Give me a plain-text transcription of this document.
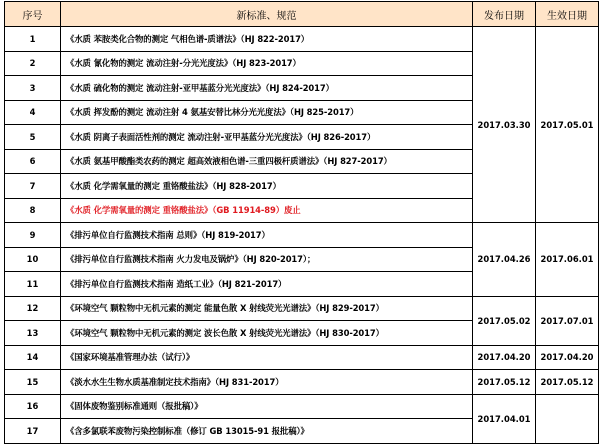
序号	新标准、规范	发布日期	生效日期
1	《水质 苯胺类化合物的测定 气相色谱-质谱法》（HJ 822-2017）	2017.03.30	2017.05.01
2	《水质 氰化物的测定 流动注射-分光光度法》（HJ 823-2017）		
3	《水质 硫化物的测定 流动注射-亚甲基蓝分光光度法》（HJ 824-2017）		
4	《水质 挥发酚的测定 流动注射 4 氨基安替比林分光光度法》（HJ 825-2017）		
5	《水质 阴离子表面活性剂的测定 流动注射-亚甲基蓝分光光度法》（HJ 826-2017）		
6	《水质 氨基甲酸酯类农药的测定 超高效液相色谱-三重四极杆质谱法》（HJ 827-2017）		
7	《水质 化学需氧量的测定 重铬酸盐法》（HJ 828-2017）		
8	《水质 化学需氧量的测定 重铬酸盐法》（GB 11914-89）废止		
9	《排污单位自行监测技术指南 总则》（HJ 819-2017）	2017.04.26	2017.06.01
10	《排污单位自行监测技术指南 火力发电及锅炉》（HJ 820-2017）；		
11	《排污单位自行监测技术指南 造纸工业》（HJ 821-2017）		
12	《环境空气 颗粒物中无机元素的测定 能量色散 X 射线荧光光谱法》（HJ 829-2017）	2017.05.02	2017.07.01
13	《环境空气 颗粒物中无机元素的测定 波长色散 X 射线荧光光谱法》（HJ 830-2017）		
14	《国家环境基准管理办法（试行）》	2017.04.20	2017.04.20
15	《淡水水生生物水质基准制定技术指南》（HJ 831-2017）	2017.05.12	2017.05.12
16	《固体废物鉴别标准通则（报批稿）》	2017.04.01	
17	《含多氯联苯废物污染控制标准（修订 GB 13015-91 报批稿）》		
